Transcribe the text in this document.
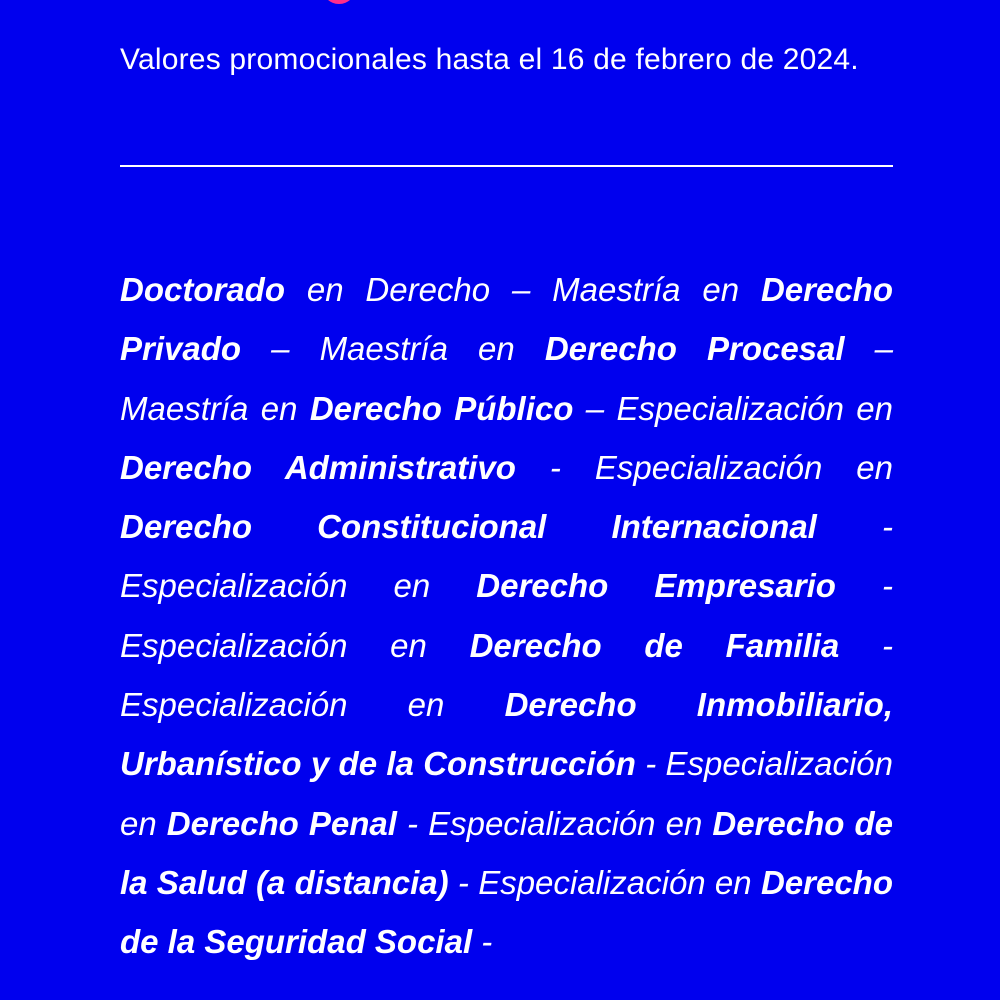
Valores promocionales hasta el 16 de febrero de 2024.
Doctorado en Derecho – Maestría en Derecho Privado – Maestría en Derecho Procesal – Maestría en Derecho Público – Especialización en Derecho Administrativo - Especialización en Derecho Constitucional Internacional - Especialización en Derecho Empresario - Especialización en Derecho de Familia - Especialización en Derecho Inmobiliario, Urbanístico y de la Construcción - Especialización en Derecho Penal - Especialización en Derecho de la Salud (a distancia) - Especialización en Derecho de la Seguridad Social -
